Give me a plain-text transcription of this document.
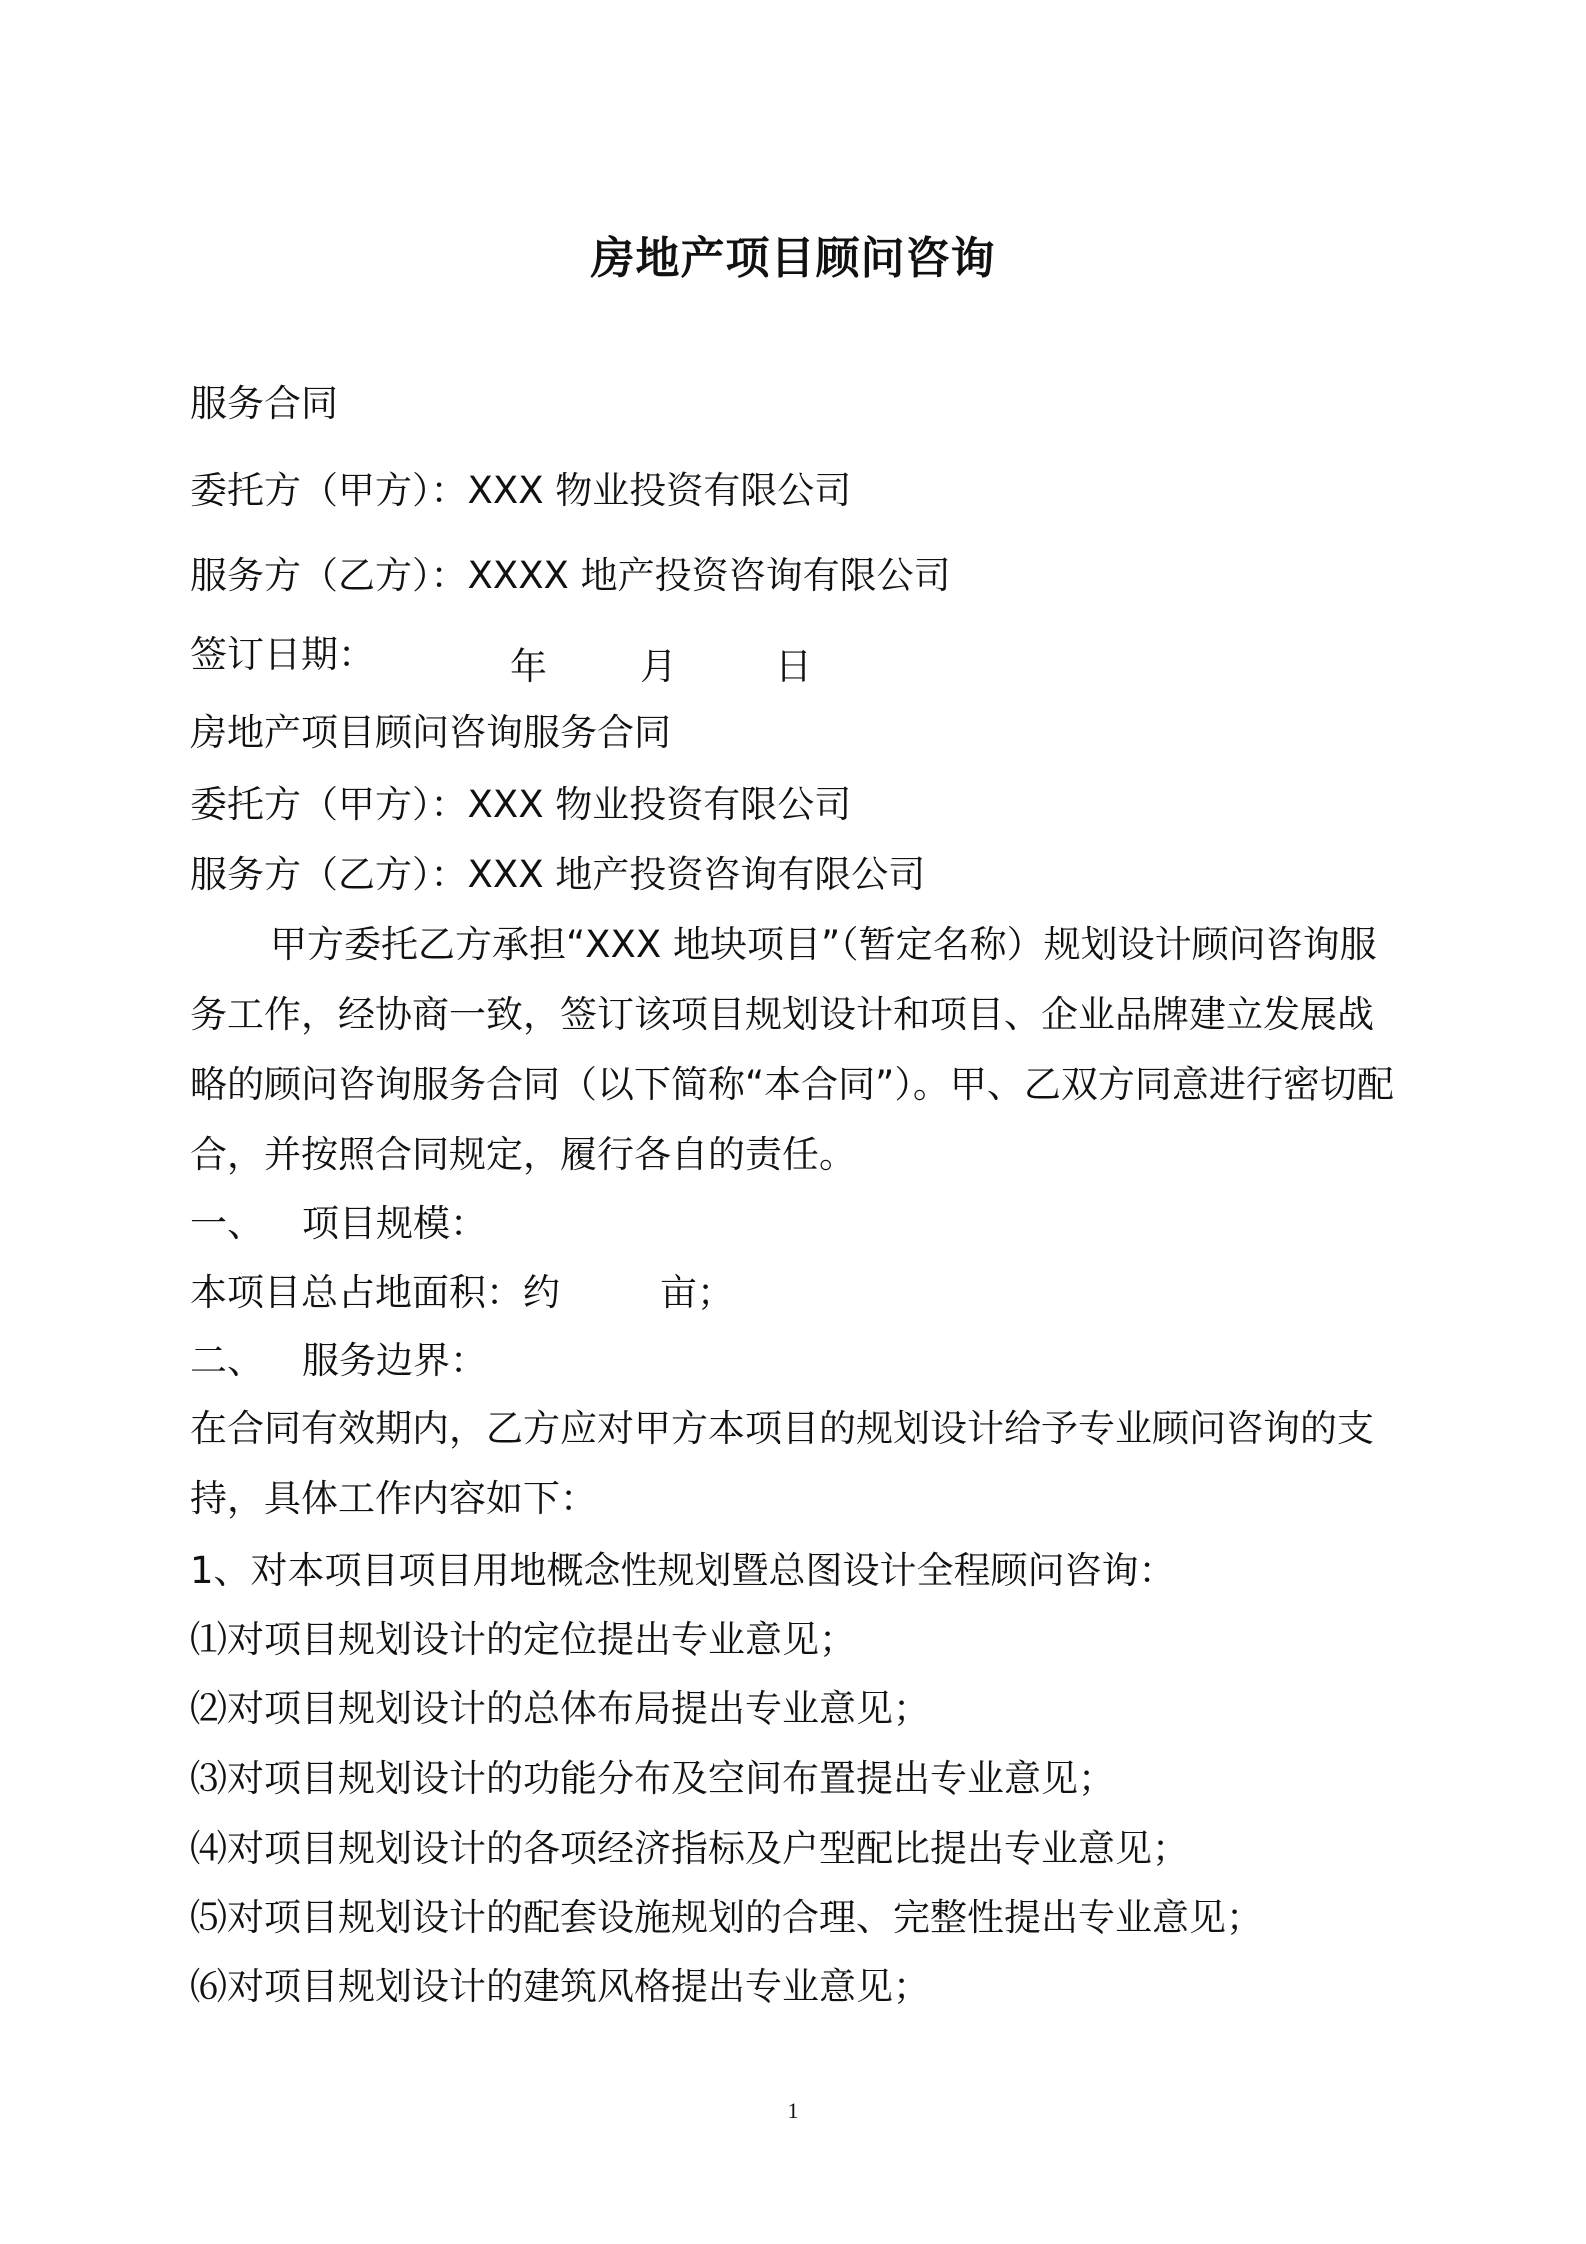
房地产项目顾问咨询
服务合同
委托方（甲方）：XXX 物业投资有限公司
服务方（乙方）：XXXX 地产投资咨询有限公司
签订日期：	年	月	日
房地产项目顾问咨询服务合同
委托方（甲方）：XXX 物业投资有限公司
服务方（乙方）：XXX 地产投资咨询有限公司
甲方委托乙方承担“XXX 地块项目”（暂定名称）规划设计顾问咨询服务工作，经协商一致，签订该项目规划设计和项目、企业品牌建立发展战略的顾问咨询服务合同（以下简称“本合同”）。甲、乙双方同意进行密切配合，并按照合同规定，履行各自的责任。
一、 项目规模：
本项目总占地面积：约	亩；
二、 服务边界：
在合同有效期内，乙方应对甲方本项目的规划设计给予专业顾问咨询的支持，具体工作内容如下：
1、对本项目项目用地概念性规划暨总图设计全程顾问咨询：
⑴对项目规划设计的定位提出专业意见；
⑵对项目规划设计的总体布局提出专业意见；
⑶对项目规划设计的功能分布及空间布置提出专业意见；
⑷对项目规划设计的各项经济指标及户型配比提出专业意见；
⑸对项目规划设计的配套设施规划的合理、完整性提出专业意见；
⑹对项目规划设计的建筑风格提出专业意见；
1
